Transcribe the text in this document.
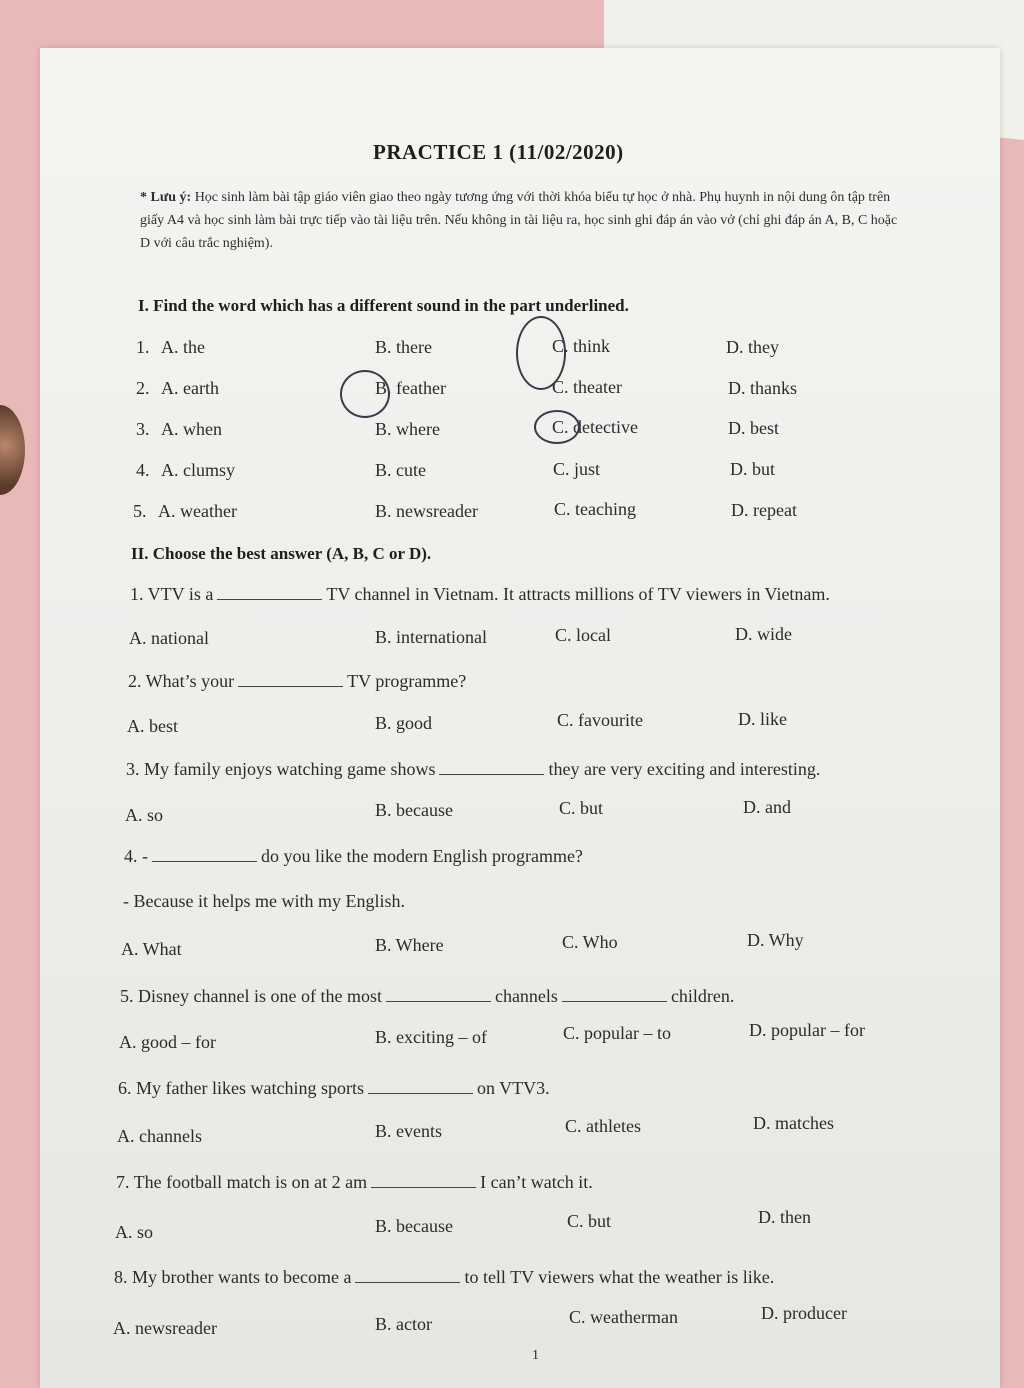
PRACTICE 1 (11/02/2020)
* Lưu ý: Học sinh làm bài tập giáo viên giao theo ngày tương ứng với thời khóa biểu tự học ở nhà. Phụ huynh in nội dung ôn tập trên giấy A4 và học sinh làm bài trực tiếp vào tài liệu trên. Nếu không in tài liệu ra, học sinh ghi đáp án vào vở (chỉ ghi đáp án A, B, C hoặc D với câu trắc nghiệm).
I. Find the word which has a different sound in the part underlined.
1. A. the	B. there	C. think	D. they
2. A. earth	B. feather	C. theater	D. thanks
3. A. when	B. where	C. detective	D. best
4. A. clumsy	B. cute	C. just	D. but
5. A. weather	B. newsreader	C. teaching	D. repeat
II. Choose the best answer (A, B, C or D).
1. VTV is a	TV channel in Vietnam. It attracts millions of TV viewers in Vietnam.
A. national	B. international	C. local	D. wide
2. What’s your	TV programme?
A. best	B. good	C. favourite	D. like
3. My family enjoys watching game shows	they are very exciting and interesting.
A. so	B. because	C. but	D. and
4. -	do you like the modern English programme?
- Because it helps me with my English.
A. What	B. Where	C. Who	D. Why
5. Disney channel is one of the most	channels	children.
A. good – for	B. exciting – of	C. popular – to	D. popular – for
6. My father likes watching sports	on VTV3.
A. channels	B. events	C. athletes	D. matches
7. The football match is on at 2 am	I can’t watch it.
A. so	B. because	C. but	D. then
8. My brother wants to become a	to tell TV viewers what the weather is like.
A. newsreader	B. actor	C. weatherman	D. producer
1
